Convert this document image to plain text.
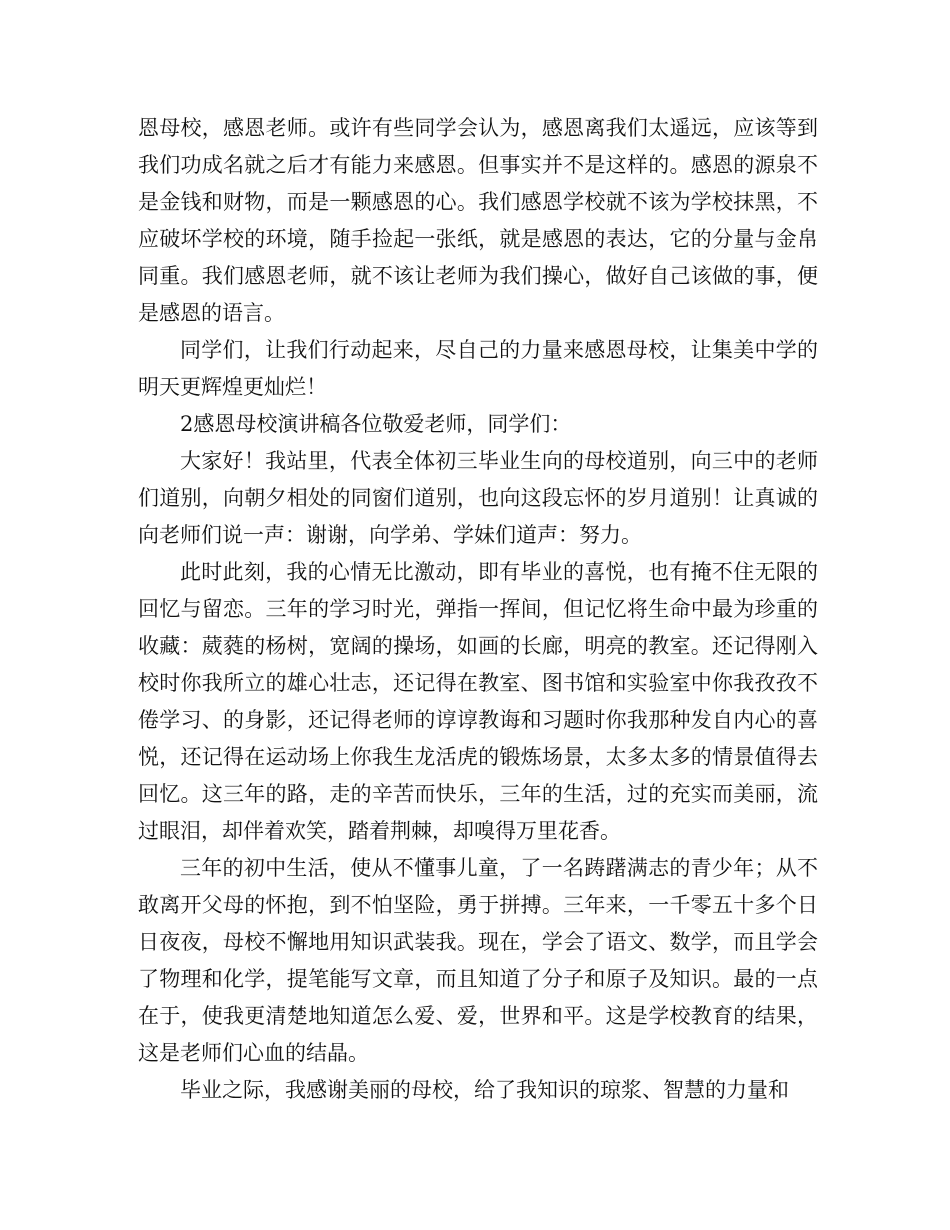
恩母校，感恩老师。或许有些同学会认为，感恩离我们太遥远，应该等到我们功成名就之后才有能力来感恩。但事实并不是这样的。感恩的源泉不是金钱和财物，而是一颗感恩的心。我们感恩学校就不该为学校抹黑，不应破坏学校的环境，随手捡起一张纸，就是感恩的表达，它的分量与金帛同重。我们感恩老师，就不该让老师为我们操心，做好自己该做的事，便是感恩的语言。

同学们，让我们行动起来，尽自己的力量来感恩母校，让集美中学的明天更辉煌更灿烂！

2感恩母校演讲稿各位敬爱老师，同学们：

大家好！我站里，代表全体初三毕业生向的母校道别，向三中的老师们道别，向朝夕相处的同窗们道别，也向这段忘怀的岁月道别！让真诚的向老师们说一声：谢谢，向学弟、学妹们道声：努力。

此时此刻，我的心情无比激动，即有毕业的喜悦，也有掩不住无限的回忆与留恋。三年的学习时光，弹指一挥间，但记忆将生命中最为珍重的收藏：葳蕤的杨树，宽阔的操场，如画的长廊，明亮的教室。还记得刚入校时你我所立的雄心壮志，还记得在教室、图书馆和实验室中你我孜孜不倦学习、的身影，还记得老师的谆谆教诲和习题时你我那种发自内心的喜悦，还记得在运动场上你我生龙活虎的锻炼场景，太多太多的情景值得去回忆。这三年的路，走的辛苦而快乐，三年的生活，过的充实而美丽，流过眼泪，却伴着欢笑，踏着荆棘，却嗅得万里花香。

三年的初中生活，使从不懂事儿童，了一名踌躇满志的青少年；从不敢离开父母的怀抱，到不怕坚险，勇于拼搏。三年来，一千零五十多个日日夜夜，母校不懈地用知识武装我。现在，学会了语文、数学，而且学会了物理和化学，提笔能写文章，而且知道了分子和原子及知识。最的一点在于，使我更清楚地知道怎么爱、爱，世界和平。这是学校教育的结果，这是老师们心血的结晶。

毕业之际，我感谢美丽的母校，给了我知识的琼浆、智慧的力量和
